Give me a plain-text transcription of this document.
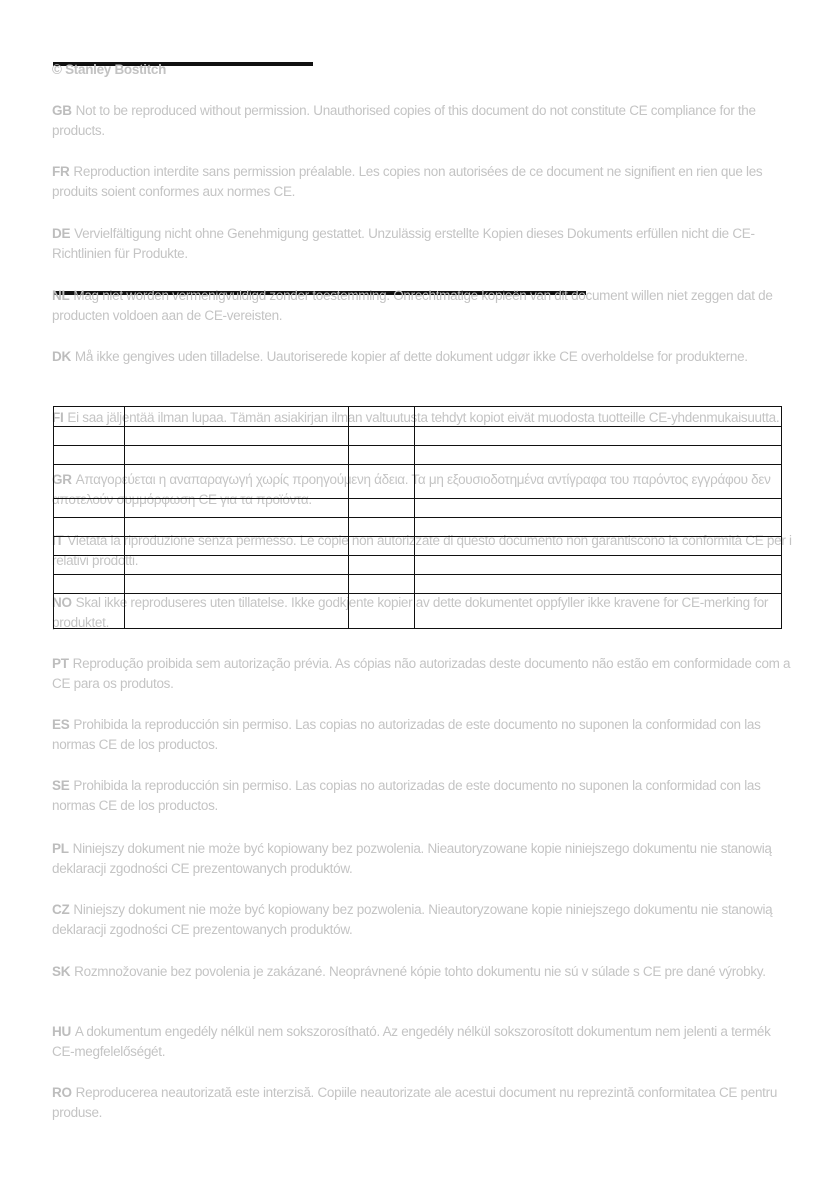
© Stanley Bostitch
GB Not to be reproduced without permission. Unauthorised copies of this document do not constitute CE compliance for the products.
FR Reproduction interdite sans permission préalable. Les copies non autorisées de ce document ne signifient en rien que les produits soient conformes aux normes CE.
DE Vervielfältigung nicht ohne Genehmigung gestattet. Unzulässig erstellte Kopien dieses Dokuments erfüllen nicht die CE-Richtlinien für Produkte.
NL Mag niet worden vermenigvuldigd zonder toestemming. Onrechtmatige kopieën van dit document willen niet zeggen dat de producten voldoen aan de CE-vereisten.
DK Må ikke gengives uden tilladelse. Uautoriserede kopier af dette dokument udgør ikke CE overholdelse for produkterne.
FI Ei saa jäljentää ilman lupaa. Tämän asiakirjan ilman valtuutusta tehdyt kopiot eivät muodosta tuotteille CE-yhdenmukaisuutta.
GR Απαγορεύεται η αναπαραγωγή χωρίς προηγούμενη άδεια. Τα μη εξουσιοδοτημένα αντίγραφα του παρόντος εγγράφου δεν αποτελούν συμμόρφωση CE για τα προϊόντα.
IT Vietata la riproduzione senza permesso. Le copie non autorizzate di questo documento non garantiscono la conformità CE per i relativi prodotti.
NO Skal ikke reproduseres uten tillatelse. Ikke godkjente kopier av dette dokumentet oppfyller ikke kravene for CE-merking for produktet.
PT Reprodução proibida sem autorização prévia. As cópias não autorizadas deste documento não estão em conformidade com a CE para os produtos.
ES Prohibida la reproducción sin permiso. Las copias no autorizadas de este documento no suponen la conformidad con las normas CE de los productos.
SE Prohibida la reproducción sin permiso. Las copias no autorizadas de este documento no suponen la conformidad con las normas CE de los productos.
PL Niniejszy dokument nie może być kopiowany bez pozwolenia. Nieautoryzowane kopie niniejszego dokumentu nie stanowią deklaracji zgodności CE prezentowanych produktów.
CZ Niniejszy dokument nie może być kopiowany bez pozwolenia. Nieautoryzowane kopie niniejszego dokumentu nie stanowią deklaracji zgodności CE prezentowanych produktów.
SK Rozmnožovanie bez povolenia je zakázané. Neoprávnené kópie tohto dokumentu nie sú v súlade s CE pre dané výrobky.
HU A dokumentum engedély nélkül nem sokszorosítható. Az engedély nélkül sokszorosított dokumentum nem jelenti a termék CE-megfelelőségét.
RO Reproducerea neautorizată este interzisă. Copiile neautorizate ale acestui document nu reprezintă conformitatea CE pentru produse.
